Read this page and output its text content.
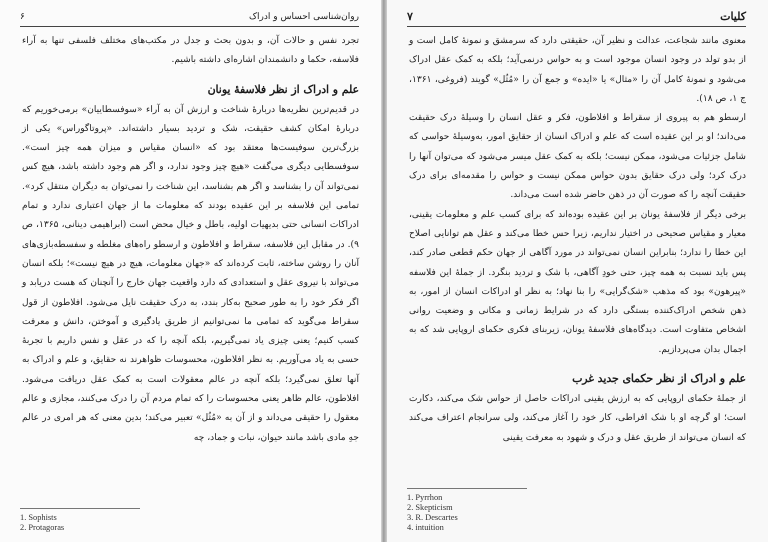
۶	روان‌شناسی احساس و ادراک

تجرد نفس و حالات آن، و بدون بحث و جدل در مکتب‌های مختلف فلسفی تنها به آراء فلاسفه، حکما و دانشمندان اشاره‌ای داشته باشیم.

علم و ادراک از نظر فلاسفۀ یونان

در قدیم‌ترین نظریه‌ها دربارۀ شناخت و ارزش آن به آراء «سوفسطاییان» برمی‌خوریم که دربارۀ امکان کشف حقیقت، شک و تردید بسیار داشته‌اند. «پروتاگوراس» یکی از بزرگ‌ترین سوفیست‌ها معتقد بود که «انسان مقیاس و میزان همه چیز است». سوفسطایی دیگری می‌گفت «هیچ چیز وجود ندارد، و اگر هم وجود داشته باشد، هیچ کس نمی‌تواند آن را بشناسد و اگر هم بشناسد، این شناخت را نمی‌توان به دیگران منتقل کرد». تمامی این فلاسفه بر این عقیده بودند که معلومات ما از جهان اعتباری ندارد و تمام ادراکات انسانی حتی بدیهیات اولیه، باطل و خیال محض است (ابراهیمی دینانی، ۱۳۶۵، ص ۹). در مقابل این فلاسفه، سقراط و افلاطون و ارسطو راه‌های مغلطه و سفسطه‌بازی‌های آنان را روشن ساخته، ثابت کرده‌اند که «جهان معلومات، هیچ در هیچ نیست»؛ بلکه انسان می‌تواند با نیروی عقل و استعدادی که دارد واقعیت جهان خارج را آنچنان که هست دریابد و اگر فکر خود را به طور صحیح به‌کار بندد، به درک حقیقت نایل می‌شود. افلاطون از قول سقراط می‌گوید که تمامی ما نمی‌توانیم از طریق یادگیری و آموختن، دانش و معرفت کسب کنیم؛ یعنی چیزی یاد نمی‌گیریم، بلکه آنچه را که در عقل و نفس داریم با تجربۀ حسی به یاد می‌آوریم. به نظر افلاطون، محسوسات ظواهرند نه حقایق، و علم و ادراک به آنها تعلق نمی‌گیرد؛ بلکه آنچه در عالم معقولات است به کمک عقل دریافت می‌شود. افلاطون، عالم ظاهر یعنی محسوسات را که تمام مردم آن را درک می‌کنند، مجازی و عالم معقول را حقیقی می‌داند و از آن به «مُثُل» تعبیر می‌کند؛ بدین معنی که هر امری در عالم جهِ مادی باشد مانند حیوان، نبات و جماد، چه

1. Sophists
2. Protagoras
۷	کلیات

معنوی مانند شجاعت، عدالت و نظیر آن، حقیقتی دارد که سرمشق و نمونۀ کامل است و از بدو تولد در وجود انسان موجود است و به حواس درنمی‌آید؛ بلکه به کمک عقل ادراک می‌شود و نمونۀ کامل آن را «مثال» یا «ایده» و جمع آن را «مُثُل» گویند (فروغی، ۱۳۶۱، ج ۱، ص ۱۸).

ارسطو هم به پیروی از سقراط و افلاطون، فکر و عقل انسان را وسیلۀ درک حقیقت می‌داند؛ او بر این عقیده است که علم و ادراک انسان از حقایق امور، به‌وسیلۀ حواسی که شامل جزئیات می‌شود، ممکن نیست؛ بلکه به کمک عقل میسر می‌شود که می‌توان آنها را درک کرد؛ ولی درک حقایق بدون حواس ممکن نیست و حواس را مقدمه‌ای برای درک حقیقت آنچه را که صورت آن در ذهن حاضر شده است می‌داند.

برخی دیگر از فلاسفۀ یونان بر این عقیده بوده‌اند که برای کسب علم و معلومات یقینی، معیار و مقیاس صحیحی در اختیار نداریم، زیرا حس خطا می‌کند و عقل هم توانایی اصلاح این خطا را ندارد؛ بنابراین انسان نمی‌تواند در مورد آگاهی از جهان حکم قطعی صادر کند، پس باید نسبت به همه چیز، حتی خودِ آگاهی، با شک و تردید بنگرد. از جملۀ این فلاسفه «پیرهون» بود که مذهب «شک‌گرایی» را بنا نهاد؛ به نظر او ادراکات انسان از امور، به ذهن شخص ادراک‌کننده بستگی دارد که در شرایط زمانی و مکانی و وضعیت روانی اشخاص متفاوت است. دیدگاه‌های فلاسفۀ یونان، زیربنای فکری حکمای اروپایی شد که به اجمال بدان می‌پردازیم.

علم و ادراک از نظر حکمای جدید غرب

از جملۀ حکمای اروپایی که به ارزش یقینی ادراکات حاصل از حواس شک می‌کند، دکارت است؛ او گرچه او با شک افراطی، کار خود را آغاز می‌کند، ولی سرانجام اعتراف می‌کند که انسان می‌تواند از طریق عقل و درک و شهود به معرفت یقینی

1. Pyrrhon
2. Skepticism
3. R. Descartes
4. intuition
